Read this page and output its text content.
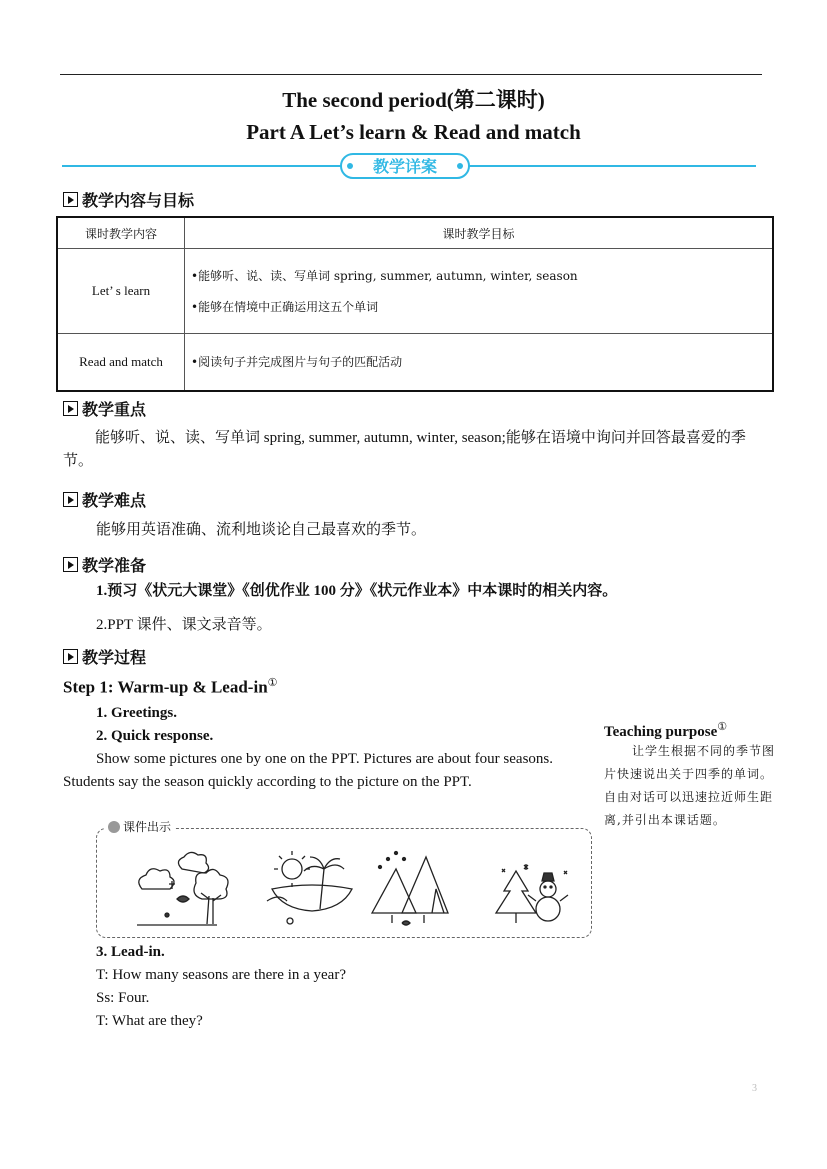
The second period(第二课时)
Part A Let’s learn & Read and match
教学详案
教学内容与目标
课时教学内容	课时教学目标
Let’ s learn	•能够听、说、读、写单词 spring, summer, autumn, winter, season
•能够在情境中正确运用这五个单词

Read and match	•阅读句子并完成图片与句子的匹配活动
教学重点
能够听、说、读、写单词 spring, summer, autumn, winter, season;能够在语境中询问并回答最喜爱的季节。
教学难点
能够用英语准确、流利地谈论自己最喜欢的季节。
教学准备
1.预习《状元大课堂》《创优作业 100 分》《状元作业本》中本课时的相关内容。
2.PPT 课件、课文录音等。
教学过程
Step 1: Warm-up & Lead-in①
1. Greetings.
2. Quick response.
Show some pictures one by one on the PPT. Pictures are about four seasons. Students say the season quickly according to the picture on the PPT.
课件出示
3. Lead-in.
T: How many seasons are there in a year?
Ss: Four.
T: What are they?
Teaching purpose①
让学生根据不同的季节图片快速说出关于四季的单词。自由对话可以迅速拉近师生距离,并引出本课话题。
3
